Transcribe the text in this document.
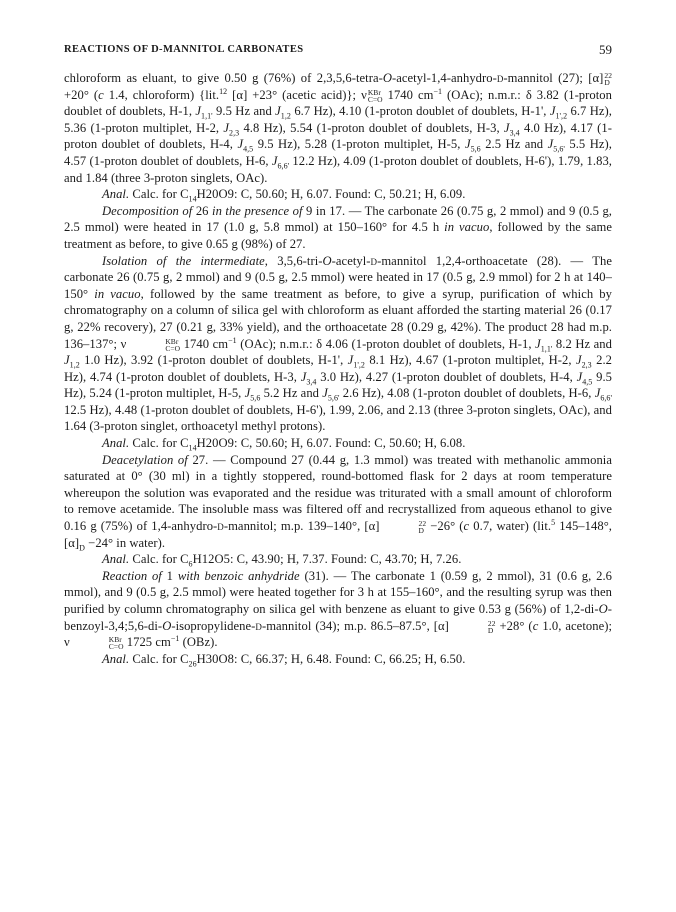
REACTIONS OF D-MANNITOL CARBONATES	59

chloroform as eluant, to give 0.50 g (76%) of 2,3,5,6-tetra-O-acetyl-1,4-anhydro-d-mannitol (27); [α] 22
D
+20° (c 1.4, chloroform) {lit.$^{12}$ [α] +23° (acetic acid)}; ν KBr
C=O 1740 $cm^{-1}$ (OAc); n.m.r.: δ 3.82 (1-proton doublet of doublets, H-1, $J_{1,1'}$ 9.5 Hz and $J_{1,2}$ 6.7 Hz), 4.10 (1-proton doublet of doublets, H-1', $J_{1',2}$ 6.7 Hz), 5.36 (1-proton multiplet, H-2, $J_{2,3}$ 4.8 Hz), 5.54 (1-proton doublet of doublets, H-3, $J_{3,4}$ 4.0 Hz), 4.17 (1-proton doublet of doublets, H-4, $J_{4,5}$ 9.5 Hz), 5.28 (1-proton multiplet, H-5, $J_{5,6}$ 2.5 Hz and $J_{5,6'}$ 5.5 Hz), 4.57 (1-proton doublet of doublets, H-6, $J_{6,6'}$ 12.2 Hz), 4.09 (1-proton doublet of doublets, H-6'), 1.79, 1.83, and 1.84 (three 3-proton singlets, OAc).

Anal. Calc. for $C_{14}H20O9$: C, 50.60; H, 6.07. Found: C, 50.21; H, 6.09.

Decomposition of 26 in the presence of 9 in 17. — The carbonate 26 (0.75 g, 2 mmol) and 9 (0.5 g, 2.5 mmol) were heated in 17 (1.0 g, 5.8 mmol) at 150–160° for 4.5 h in vacuo, followed by the same treatment as before, to give 0.65 g (98%) of 27.

Isolation of the intermediate, 3,5,6-tri-O-acetyl-d-mannitol 1,2,4-orthoacetate (28). — The carbonate 26 (0.75 g, 2 mmol) and 9 (0.5 g, 2.5 mmol) were heated in 17 (0.5 g, 2.9 mmol) for 2 h at 140–150° in vacuo, followed by the same treatment as before, to give a syrup, purification of which by chromatography on a column of silica gel with chloroform as eluant afforded the starting material 26 (0.17 g, 22% recovery), 27 (0.21 g, 33% yield), and the orthoacetate 28 (0.29 g, 42%). The product 28 had m.p. 136–137°; ν	KBr
C=O 1740 $cm^{-1}$ (OAc); n.m.r.: δ 4.06 (1-proton doublet of doublets, H-1, $J_{1,1'}$ 8.2 Hz and $J_{1,2}$ 1.0 Hz), 3.92 (1-proton doublet of doublets, H-1', $J_{1',2}$ 8.1 Hz), 4.67 (1-proton multiplet, H-2, $J_{2,3}$ 2.2 Hz), 4.74 (1-proton doublet of doublets, H-3, $J_{3,4}$ 3.0 Hz), 4.27 (1-proton doublet of doublets, H-4, $J_{4,5}$ 9.5 Hz), 5.24 (1-proton multiplet, H-5, $J_{5,6}$ 5.2 Hz and $J_{5,6'}$ 2.6 Hz), 4.08 (1-proton doublet of doublets, H-6, $J_{6,6'}$ 12.5 Hz), 4.48 (1-proton doublet of doublets, H-6'), 1.99, 2.06, and 2.13 (three 3-proton singlets, OAc), and 1.64 (3-proton singlet, orthoacetyl methyl protons).

Anal. Calc. for $C_{14}H20O9$: C, 50.60; H, 6.07. Found: C, 50.60; H, 6.08.

Deacetylation of 27. — Compound 27 (0.44 g, 1.3 mmol) was treated with methanolic ammonia saturated at 0° (30 ml) in a tightly stoppered, round-bottomed flask for 2 days at room temperature whereupon the solution was evaporated and the residue was triturated with a small amount of chloroform to remove acetamide. The insoluble mass was filtered off and recrystallized from aqueous ethanol to give 0.16 g (75%) of 1,4-anhydro-d-mannitol; m.p. 139–140°, [α]	22
D −26° (c 0.7, water) (lit.$^5$ 145–148°, $[\alpha]_D -24^\circ$ in water).

Anal. Calc. for $C_6H12O5$: C, 43.90; H, 7.37. Found: C, 43.70; H, 7.26.

Reaction of 1 with benzoic anhydride (31). — The carbonate 1 (0.59 g, 2 mmol), 31 (0.6 g, 2.6 mmol), and 9 (0.5 g, 2.5 mmol) were heated together for 3 h at 155–160°, and the resulting syrup was then purified by column chromatography on silica gel with benzene as eluant to give 0.53 g (56%) of 1,2-di-O-benzoyl-3,4;5,6-di-O-isopropylidene-d-mannitol (34); m.p. 86.5–87.5°, [α]	22
D +28° (c 1.0, acetone); ν	KBr
C=O 1725 $cm^{-1}$ (OBz).

Anal. Calc. for $C_{26}H30O8$: C, 66.37; H, 6.48. Found: C, 66.25; H, 6.50.
